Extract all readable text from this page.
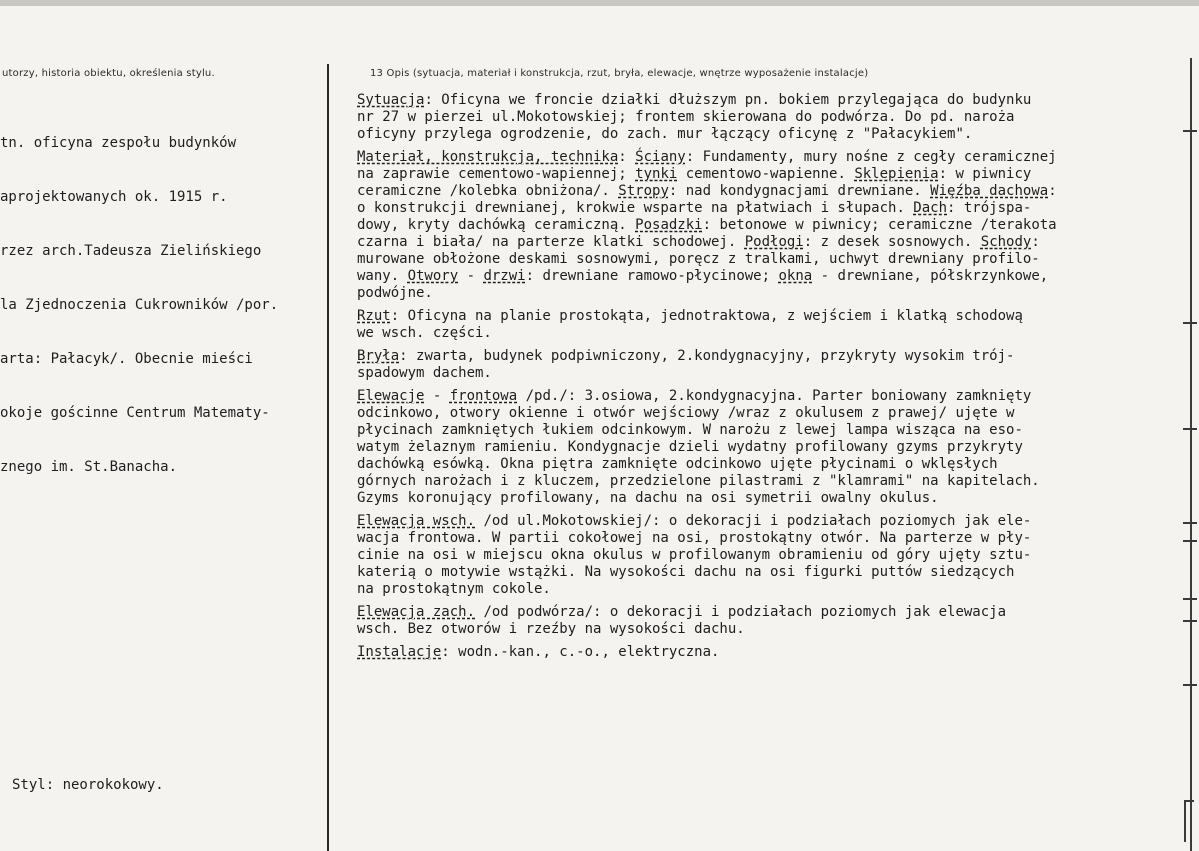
utorzy, historia obiektu, określenia stylu.	13 Opis (sytuacja, materiał i konstrukcja, rzut, bryła, elewacje, wnętrze wyposażenie instalacje)

tn. oficyna zespołu budynków

aprojektowanych ok. 1915 r.

rzez arch.Tadeusza Zielińskiego

la Zjednoczenia Cukrowników /por.

arta: Pałacyk/. Obecnie mieści

okoje gościnne Centrum Matematy-

znego im. St.Banacha.

Styl: neorokokowy.
Sytuacja: Oficyna we froncie działki dłuższym pn. bokiem przylegająca do budynku
nr 27 w pierzei ul.Mokotowskiej; frontem skierowana do podwórza. Do pd. naroża
oficyny przylega ogrodzenie, do zach. mur łączący oficynę z "Pałacykiem".
Materiał, konstrukcja, technika: Ściany: Fundamenty, mury nośne z cegły ceramicznej
na zaprawie cementowo-wapiennej; tynki cementowo-wapienne. Sklepienia: w piwnicy
ceramiczne /kolebka obniżona/. Stropy: nad kondygnacjami drewniane. Więźba dachowa:
o konstrukcji drewnianej, krokwie wsparte na płatwiach i słupach. Dach: trójspa-
dowy, kryty dachówką ceramiczną. Posadzki: betonowe w piwnicy; ceramiczne /terakota
czarna i biała/ na parterze klatki schodowej. Podłogi: z desek sosnowych. Schody:
murowane obłożone deskami sosnowymi, poręcz z tralkami, uchwyt drewniany profilo-
wany. Otwory - drzwi: drewniane ramowo-płycinowe; okna - drewniane, półskrzynkowe,
podwójne.
Rzut: Oficyna na planie prostokąta, jednotraktowa, z wejściem i klatką schodową
we wsch. części.
Bryła: zwarta, budynek podpiwniczony, 2.kondygnacyjny, przykryty wysokim trój-
spadowym dachem.
Elewacje - frontowa /pd./: 3.osiowa, 2.kondygnacyjna. Parter boniowany zamknięty
odcinkowo, otwory okienne i otwór wejściowy /wraz z okulusem z prawej/ ujęte w
płycinach zamkniętych łukiem odcinkowym. W narożu z lewej lampa wisząca na eso-
watym żelaznym ramieniu. Kondygnacje dzieli wydatny profilowany gzyms przykryty
dachówką esówką. Okna piętra zamknięte odcinkowo ujęte płycinami o wklęsłych
górnych narożach i z kluczem, przedzielone pilastrami z "klamrami" na kapitelach.
Gzyms koronujący profilowany, na dachu na osi symetrii owalny okulus.
Elewacja wsch. /od ul.Mokotowskiej/: o dekoracji i podziałach poziomych jak ele-
wacja frontowa. W partii cokołowej na osi, prostokątny otwór. Na parterze w pły-
cinie na osi w miejscu okna okulus w profilowanym obramieniu od góry ujęty sztu-
katerią o motywie wstążki. Na wysokości dachu na osi figurki puttów siedzących
na prostokątnym cokole.
Elewacja zach. /od podwórza/: o dekoracji i podziałach poziomych jak elewacja
wsch. Bez otworów i rzeźby na wysokości dachu.
Instalacje: wodn.-kan., c.-o., elektryczna.
